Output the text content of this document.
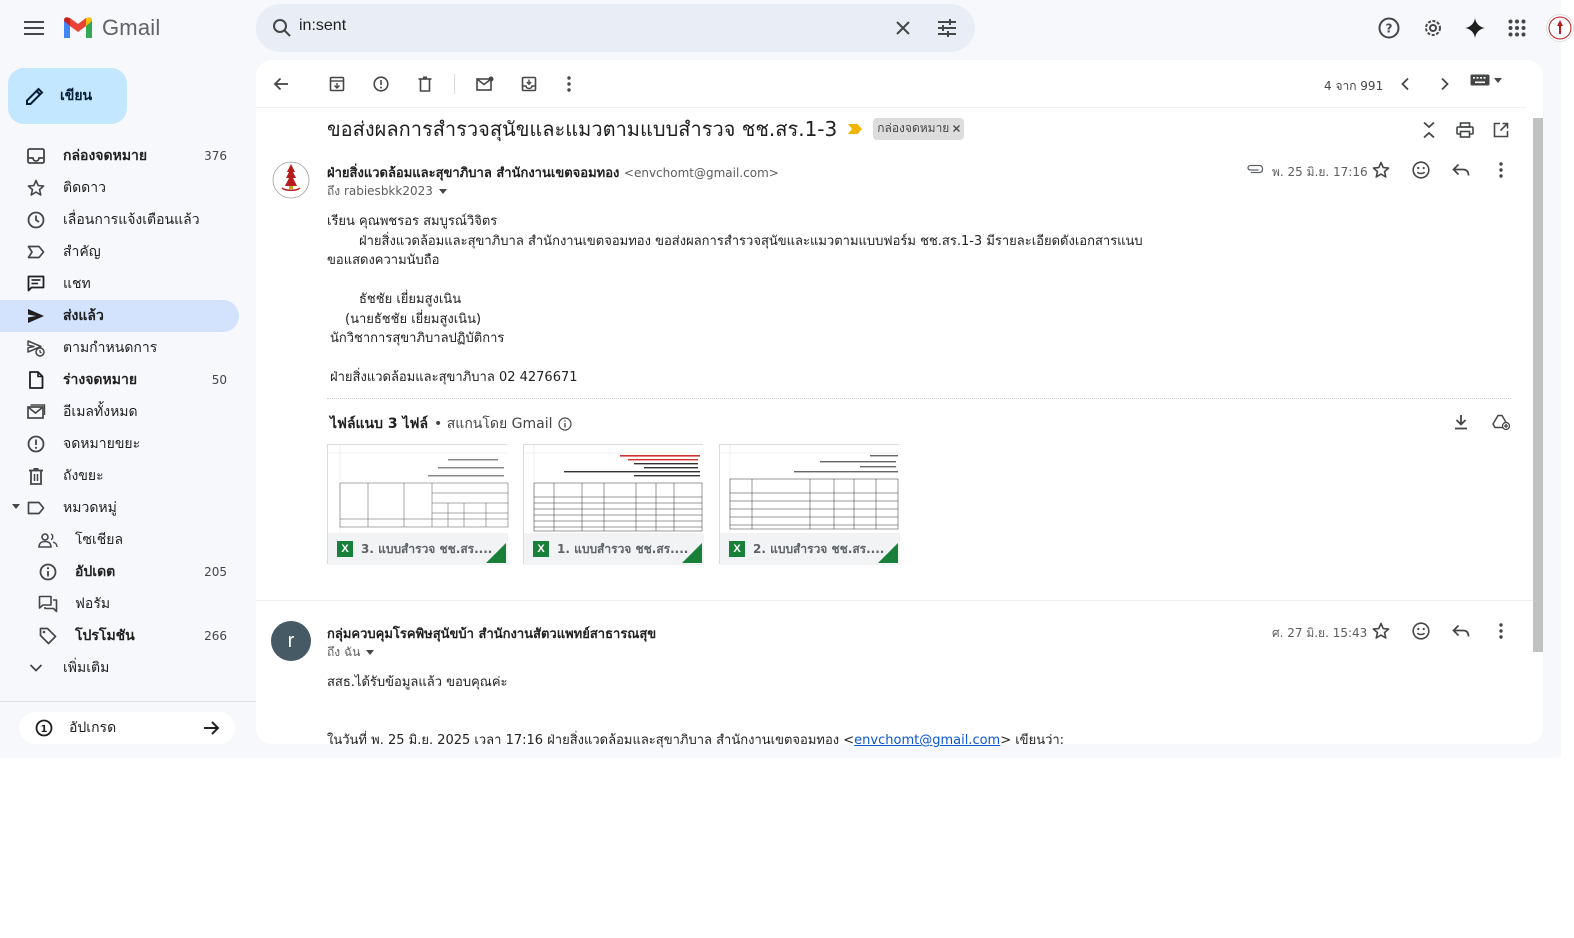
Gmail	in:sent	?
เขียน
กล่องจดหมาย	376
ติดดาว
เลื่อนการแจ้งเตือนแล้ว
สำคัญ
แชท
ส่งแล้ว
ตามกำหนดการ
ร่างจดหมาย	50
อีเมลทั้งหมด
จดหมายขยะ
ถังขยะ
หมวดหมู่
โซเชียล
อัปเดต	205
ฟอรัม
โปรโมชัน	266
เพิ่มเติม
1 อัปเกรด
4 จาก 991
ขอส่งผลการสำรวจสุนัขและแมวตามแบบสำรวจ ชช.สร.1-3	กล่องจดหมาย
ฝ่ายสิ่งแวดล้อมและสุขาภิบาล สำนักงานเขตจอมทอง <envchomt@gmail.com>
ถึง rabiesbkk2023
พ. 25 มิ.ย. 17:16
เรียน คุณพชรอร สมบูรณ์วิจิตร
ฝ่ายสิ่งแวดล้อมและสุขาภิบาล สำนักงานเขตจอมทอง ขอส่งผลการสำรวจสุนัขและแมวตามแบบฟอร์ม ชช.สร.1-3 มีรายละเอียดดังเอกสารแนบ
ขอแสดงความนับถือ
ธัชชัย เยี่ยมสูงเนิน
(นายธัชชัย เยี่ยมสูงเนิน)
นักวิชาการสุขาภิบาลปฏิบัติการ
ฝ่ายสิ่งแวดล้อมและสุขาภิบาล 02 4276671
ไฟล์แนบ 3 ไฟล์ • สแกนโดย Gmail
X	3. แบบสำรวจ ชช.สร....	X	1. แบบสำรวจ ชช.สร....	X	2. แบบสำรวจ ชช.สร....
r	กลุ่มควบคุมโรคพิษสุนัขบ้า สำนักงานสัตวแพทย์สาธารณสุข
ถึง ฉัน
ศ. 27 มิ.ย. 15:43
สสธ.ได้รับข้อมูลแล้ว ขอบคุณค่ะ
ในวันที่ พ. 25 มิ.ย. 2025 เวลา 17:16 ฝ่ายสิ่งแวดล้อมและสุขาภิบาล สำนักงานเขตจอมทอง <envchomt@gmail.com> เขียนว่า:
